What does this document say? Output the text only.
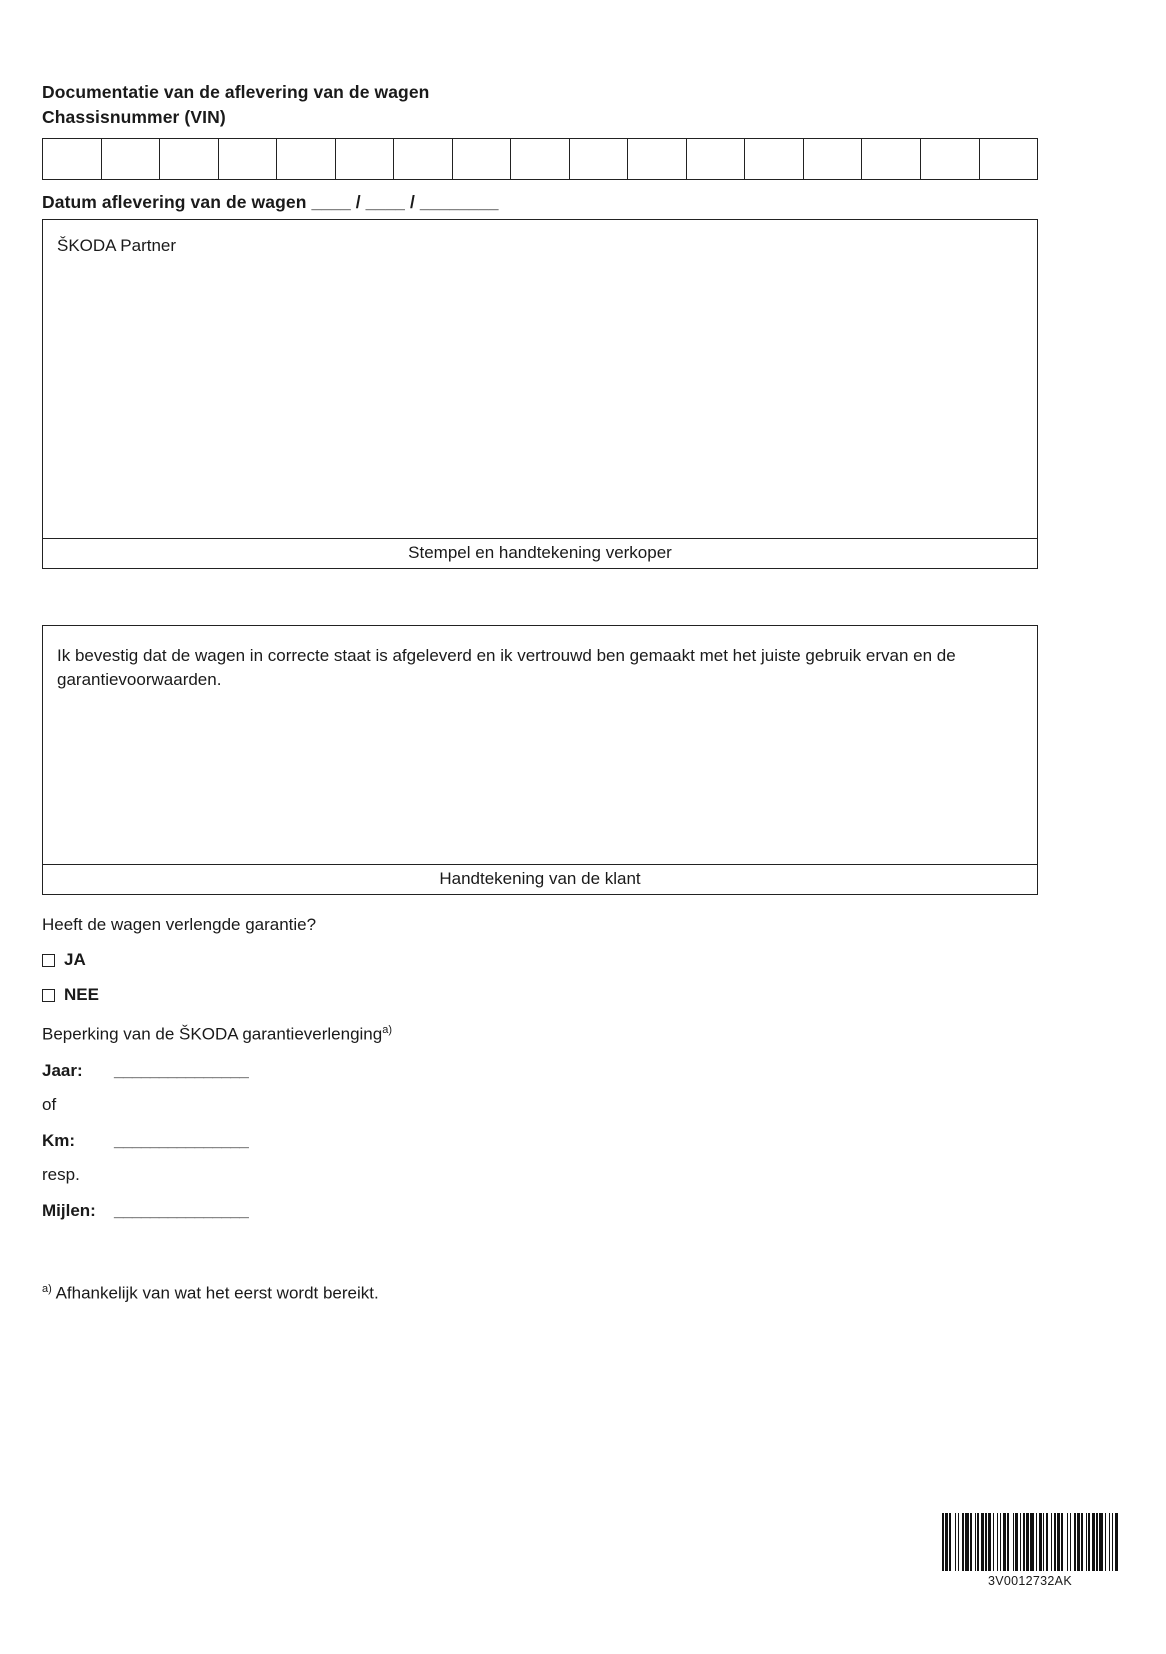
Documentatie van de aflevering van de wagen
Chassisnummer (VIN)
Datum aflevering van de wagen ____ / ____ / ________
ŠKODA Partner
Stempel en handtekening verkoper
Ik bevestig dat de wagen in correcte staat is afgeleverd en ik vertrouwd ben gemaakt met het juiste gebruik ervan en de garantievoorwaarden.
Handtekening van de klant
Heeft de wagen verlengde garantie?
JA
NEE
Beperking van de ŠKODA garantieverlenging$^{a)}$
Jaar:	_______________
of
Km:	_______________
resp.
Mijlen:	_______________
$^{a)}$ Afhankelijk van wat het eerst wordt bereikt.
3V0012732AK
